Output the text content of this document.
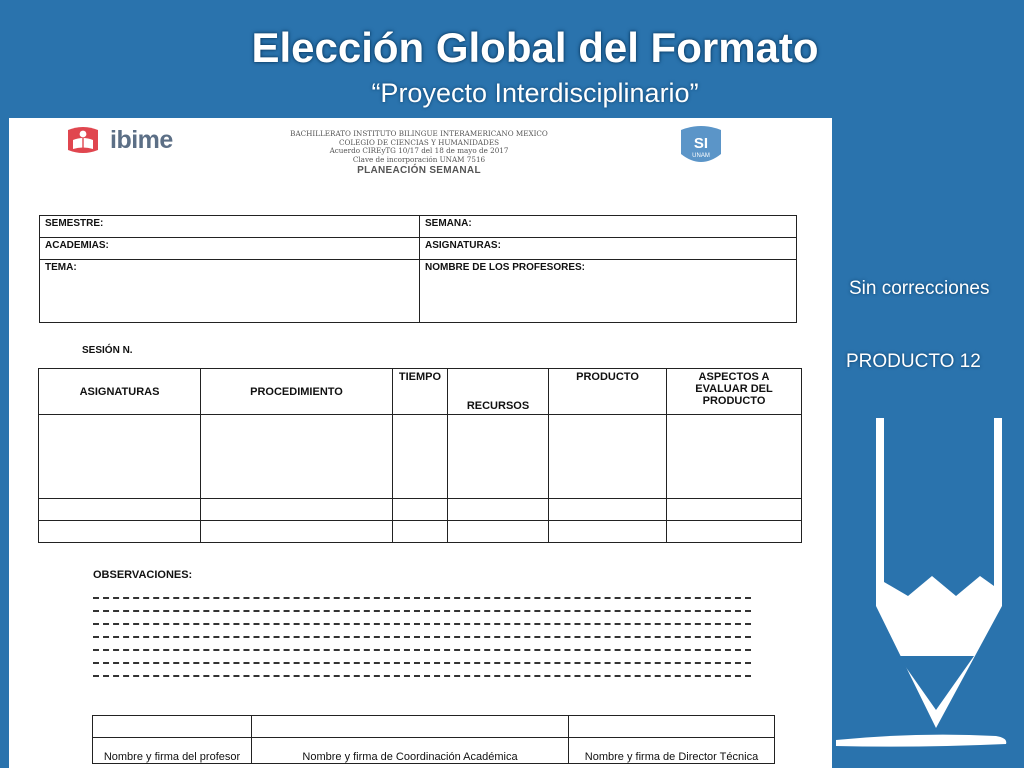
Elección Global del Formato
“Proyecto Interdisciplinario”
ibime	BACHILLERATO INSTITUTO BILINGUE INTERAMERICANO MEXICO
COLEGIO DE CIENCIAS Y HUMANIDADES
Acuerdo CIREyTG 10/17 del 18 de mayo de 2017
Clave de incorporación UNAM 7516
PLANEACIÓN SEMANAL
SI
UNAM
SEMESTRE:	SEMANA:
ACADEMIAS:	ASIGNATURAS:
TEMA:	NOMBRE DE LOS PROFESORES:
SESIÓN N.
ASIGNATURAS	PROCEDIMIENTO	TIEMPO	RECURSOS	PRODUCTO	ASPECTOS A EVALUAR DEL PRODUCTO

OBSERVACIONES:

Nombre y firma del profesor	Nombre y firma de Coordinación Académica	Nombre y firma de Director Técnica
Sin correcciones
PRODUCTO 12
